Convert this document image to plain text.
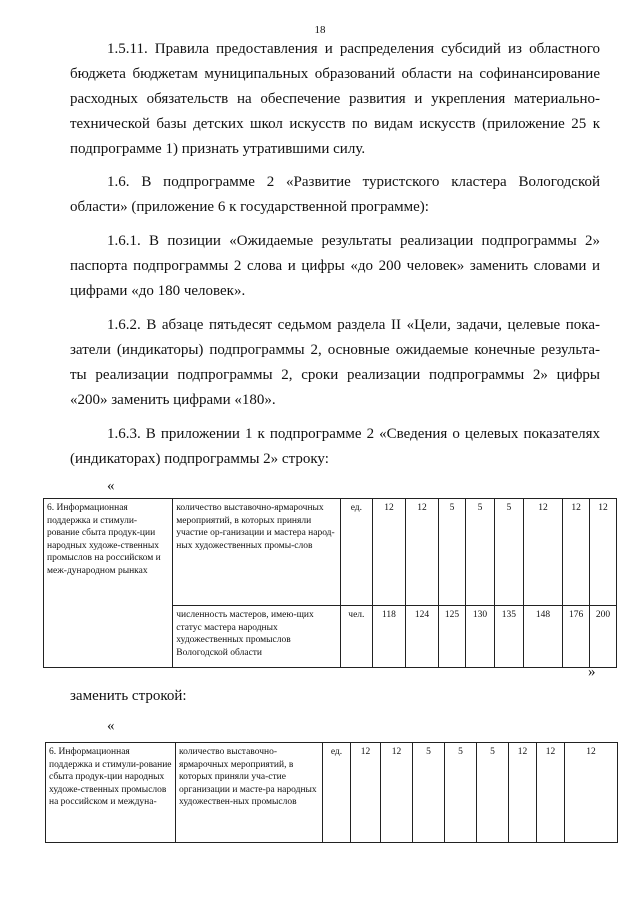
18
1.5.11. Правила предоставления и распределения субсидий из областного
бюджета бюджетам муниципальных образований области на софинансирование
расходных обязательств на обеспечение развития и укрепления материально-
технической базы детских школ искусств по видам искусств (приложение 25 к
подпрограмме 1) признать утратившими силу.
1.6. В подпрограмме 2 «Развитие туристского кластера Вологодской
области» (приложение 6 к государственной программе):
1.6.1. В позиции «Ожидаемые результаты реализации подпрограммы 2»
паспорта подпрограммы 2 слова и цифры «до 200 человек» заменить словами и
цифрами «до 180 человек».
1.6.2. В абзаце пятьдесят седьмом раздела II «Цели, задачи, целевые пока-
затели (индикаторы) подпрограммы 2, основные ожидаемые конечные результа-
ты реализации подпрограммы 2, сроки реализации подпрограммы 2» цифры
«200» заменить цифрами «180».
1.6.3. В приложении 1 к подпрограмме 2 «Сведения о целевых показателях
(индикаторах) подпрограммы 2» строку:
«
6. Информационная поддержка и стимули-рование сбыта продук-ции народных художе-ственных промыслов на российском и меж-дународном рынках	количество выставочно-ярмарочных мероприятий, в которых приняли участие ор-ганизации и мастера народ-ных художественных промы-слов	ед.	12	12	5	5	5	12	12	12
	численность мастеров, имею-щих статус мастера народных художественных промыслов Вологодской области	чел.	118	124	125	130	135	148	176	200
»
заменить строкой:
«
6. Информационная поддержка и стимули-рование сбыта продук-ции народных художе-ственных промыслов на российском и междуна-	количество выставочно-ярмарочных мероприятий, в которых приняли уча-стие организации и масте-ра народных художествен-ных промыслов	ед.	12	12	5	5	5	12	12	12
